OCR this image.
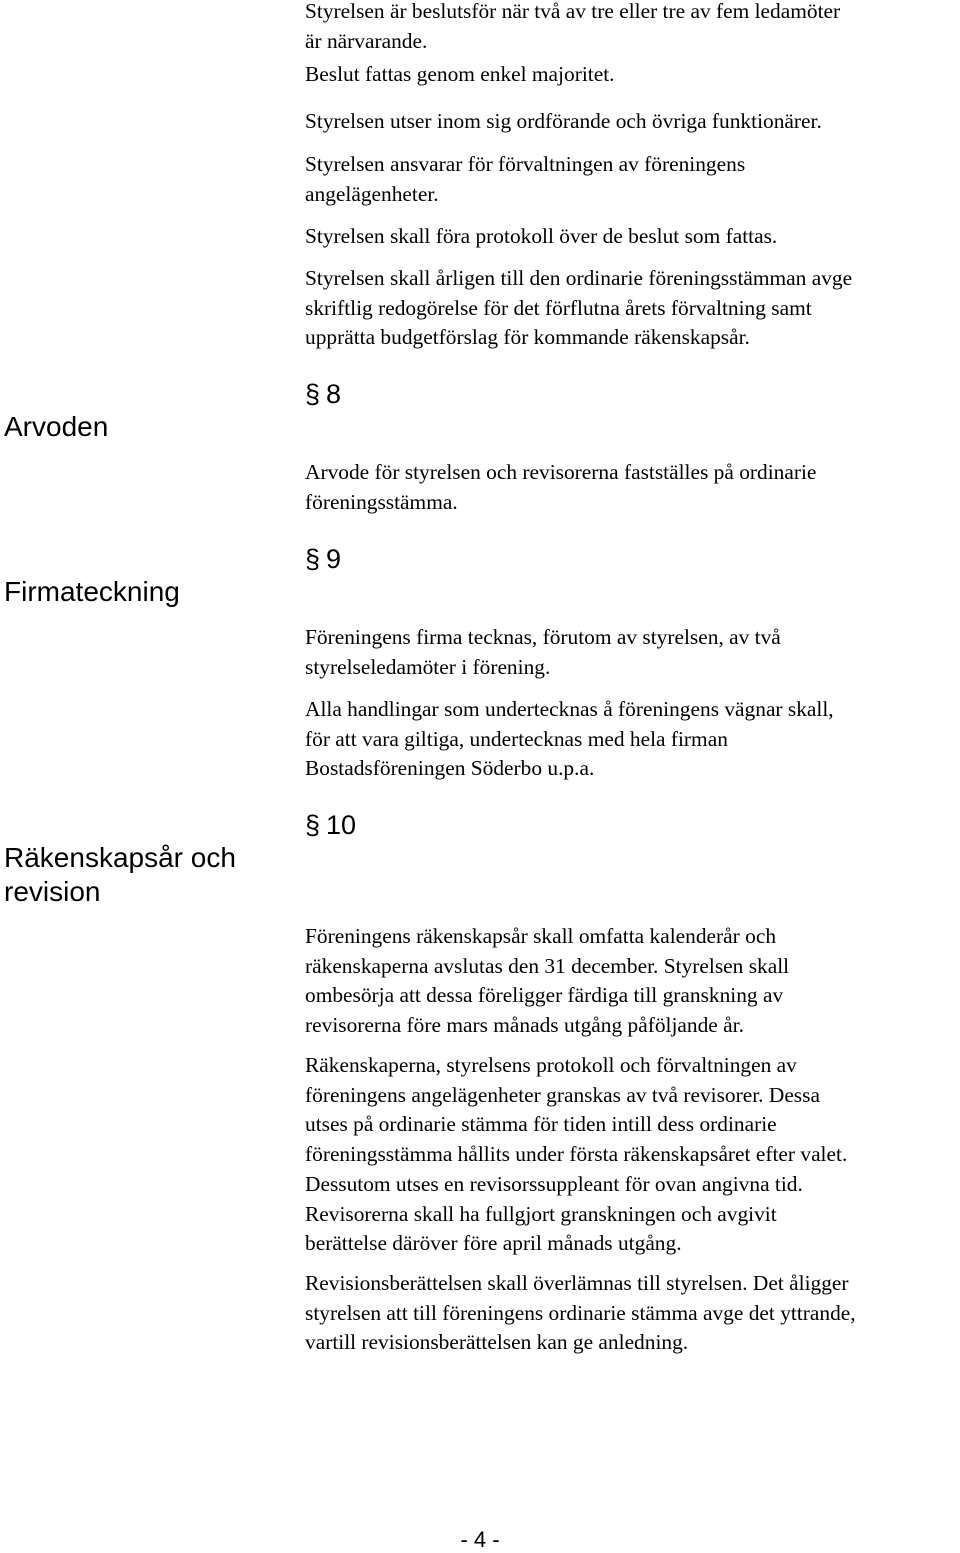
Arvoden
Firmateckning
Räkenskapsår och
revision

Styrelsen är beslutsför när två av tre eller tre av fem ledamöter
är närvarande.

Beslut fattas genom enkel majoritet.

Styrelsen utser inom sig ordförande och övriga funktionärer.

Styrelsen ansvarar för förvaltningen av föreningens
angelägenheter.

Styrelsen skall föra protokoll över de beslut som fattas.

Styrelsen skall årligen till den ordinarie föreningsstämman avge
skriftlig redogörelse för det förflutna årets förvaltning samt
upprätta budgetförslag för kommande räkenskapsår.

§ 8

Arvode för styrelsen och revisorerna fastställes på ordinarie
föreningsstämma.

§ 9

Föreningens firma tecknas, förutom av styrelsen, av två
styrelseledamöter i förening.

Alla handlingar som undertecknas å föreningens vägnar skall,
för att vara giltiga, undertecknas med hela firman
Bostadsföreningen Söderbo u.p.a.

§ 10

Föreningens räkenskapsår skall omfatta kalenderår och
räkenskaperna avslutas den 31 december. Styrelsen skall
ombesörja att dessa föreligger färdiga till granskning av
revisorerna före mars månads utgång påföljande år.

Räkenskaperna, styrelsens protokoll och förvaltningen av
föreningens angelägenheter granskas av två revisorer. Dessa
utses på ordinarie stämma för tiden intill dess ordinarie
föreningsstämma hållits under första räkenskapsåret efter valet.
Dessutom utses en revisorssuppleant för ovan angivna tid.
Revisorerna skall ha fullgjort granskningen och avgivit
berättelse däröver före april månads utgång.

Revisionsberättelsen skall överlämnas till styrelsen. Det åligger
styrelsen att till föreningens ordinarie stämma avge det yttrande,
vartill revisionsberättelsen kan ge anledning.

- 4 -
